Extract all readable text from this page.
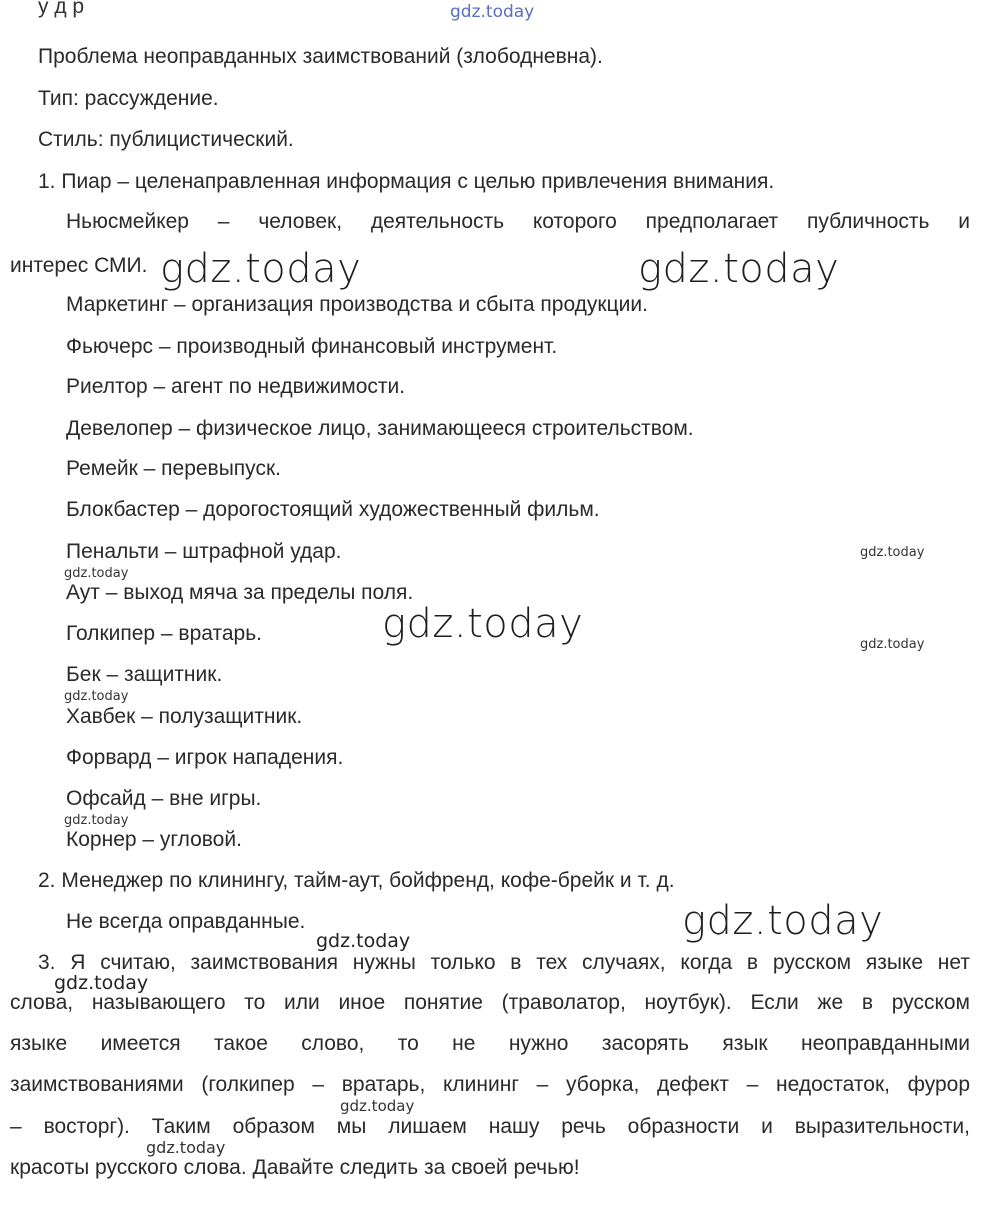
у д р
Проблема неоправданных заимствований (злободневна).
Тип: рассуждение.
Стиль: публицистический.
1. Пиар – целенаправленная информация с целью привлечения внимания.
Ньюсмейкер – человек, деятельность которого предполагает публичность и
интерес СМИ.
Маркетинг – организация производства и сбыта продукции.
Фьючерс – производный финансовый инструмент.
Риелтор – агент по недвижимости.
Девелопер – физическое лицо, занимающееся строительством.
Ремейк – перевыпуск.
Блокбастер – дорогостоящий художественный фильм.
Пенальти – штрафной удар.
Аут – выход мяча за пределы поля.
Голкипер – вратарь.
Бек – защитник.
Хавбек – полузащитник.
Форвард – игрок нападения.
Офсайд – вне игры.
Корнер – угловой.
2. Менеджер по клинингу, тайм-аут, бойфренд, кофе-брейк и т. д.
Не всегда оправданные.
3. Я считаю, заимствования нужны только в тех случаях, когда в русском языке нет
слова, называющего то или иное понятие (траволатор, ноутбук). Если же в русском
языке имеется такое слово, то не нужно засорять язык неоправданными
заимствованиями (голкипер – вратарь, клининг – уборка, дефект – недостаток, фурор
– восторг). Таким образом мы лишаем нашу речь образности и выразительности,
красоты русского слова. Давайте следить за своей речью!
gdz.today
gdz.today	gdz.today
gdz.today
gdz.today
gdz.today	gdz.today
gdz.today
gdz.today
gdz.today
gdz.today
gdz.today
gdz.today
gdz.today
